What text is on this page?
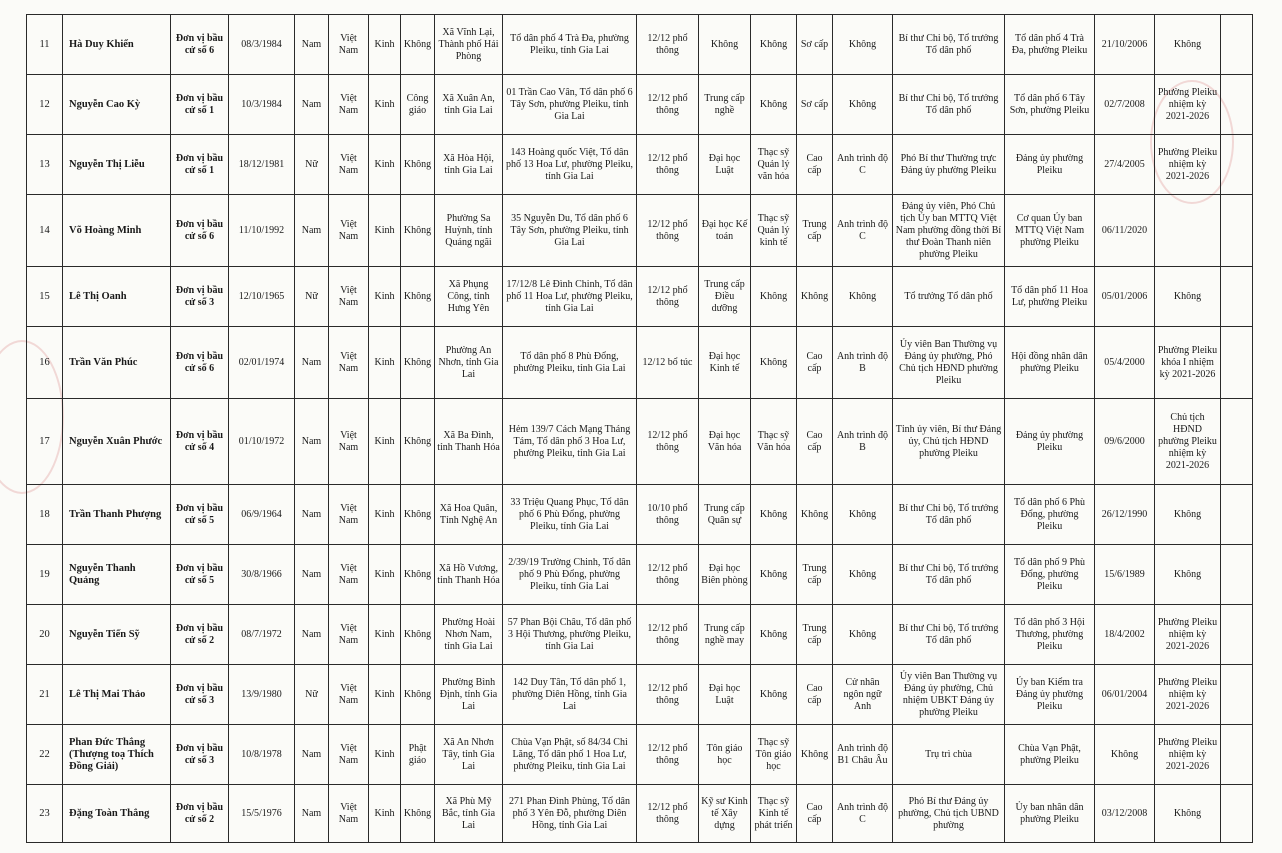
11	Hà Duy Khiển	Đơn vị bầu cử số 6	08/3/1984	Nam	Việt Nam	Kinh	Không	Xã Vĩnh Lại, Thành phố Hải Phòng	Tổ dân phố 4 Trà Đa, phường Pleiku, tỉnh Gia Lai	12/12 phổ thông	Không	Không	Sơ cấp	Không	Bí thư Chi bộ, Tổ trưởng Tổ dân phố	Tổ dân phố 4 Trà Đa, phường Pleiku	21/10/2006	Không	
12	Nguyễn Cao Kỳ	Đơn vị bầu cử số 1	10/3/1984	Nam	Việt Nam	Kinh	Công giáo	Xã Xuân An, tỉnh Gia Lai	01 Trần Cao Vân, Tổ dân phố 6 Tây Sơn, phường Pleiku, tỉnh Gia Lai	12/12 phổ thông	Trung cấp nghề	Không	Sơ cấp	Không	Bí thư Chi bộ, Tổ trưởng Tổ dân phố	Tổ dân phố 6 Tây Sơn, phường Pleiku	02/7/2008	Phường Pleiku nhiệm kỳ 2021-2026	
13	Nguyễn Thị Liễu	Đơn vị bầu cử số 1	18/12/1981	Nữ	Việt Nam	Kinh	Không	Xã Hòa Hội, tỉnh Gia Lai	143 Hoàng quốc Việt, Tổ dân phố 13 Hoa Lư, phường Pleiku, tỉnh Gia Lai	12/12 phổ thông	Đại học Luật	Thạc sỹ Quản lý văn hóa	Cao cấp	Anh trình độ C	Phó Bí thư Thường trực Đảng ủy phường Pleiku	Đảng ủy phường Pleiku	27/4/2005	Phường Pleiku nhiệm kỳ 2021-2026	
14	Võ Hoàng Minh	Đơn vị bầu cử số 6	11/10/1992	Nam	Việt Nam	Kinh	Không	Phường Sa Huỳnh, tỉnh Quảng ngãi	35 Nguyễn Du, Tổ dân phố 6 Tây Sơn, phường Pleiku, tỉnh Gia Lai	12/12 phổ thông	Đại học Kế toán	Thạc sỹ Quản lý kinh tế	Trung cấp	Anh trình độ C	Đảng ủy viên, Phó Chủ tịch Ủy ban MTTQ Việt Nam phường đồng thời Bí thư Đoàn Thanh niên phường Pleiku	Cơ quan Ủy ban MTTQ Việt Nam phường Pleiku	06/11/2020		
15	Lê Thị Oanh	Đơn vị bầu cử số 3	12/10/1965	Nữ	Việt Nam	Kinh	Không	Xã Phụng Công, tỉnh Hưng Yên	17/12/8 Lê Đình Chinh, Tổ dân phố 11 Hoa Lư, phường Pleiku, tỉnh Gia Lai	12/12 phổ thông	Trung cấp Điều dưỡng	Không	Không	Không	Tổ trưởng Tổ dân phố	Tổ dân phố 11 Hoa Lư, phường Pleiku	05/01/2006	Không	
16	Trần Văn Phúc	Đơn vị bầu cử số 6	02/01/1974	Nam	Việt Nam	Kinh	Không	Phường An Nhơn, tỉnh Gia Lai	Tổ dân phố 8 Phù Đổng, phường Pleiku, tỉnh Gia Lai	12/12 bổ túc	Đại học Kinh tế	Không	Cao cấp	Anh trình độ B	Ủy viên Ban Thường vụ Đảng ủy phường, Phó Chủ tịch HĐND phường Pleiku	Hội đồng nhân dân phường Pleiku	05/4/2000	Phường Pleiku khóa I nhiệm kỳ 2021-2026	
17	Nguyễn Xuân Phước	Đơn vị bầu cử số 4	01/10/1972	Nam	Việt Nam	Kinh	Không	Xã Ba Đình, tỉnh Thanh Hóa	Hẻm 139/7 Cách Mạng Tháng Tám, Tổ dân phố 3 Hoa Lư, phường Pleiku, tỉnh Gia Lai	12/12 phổ thông	Đại học Văn hóa	Thạc sỹ Văn hóa	Cao cấp	Anh trình độ B	Tỉnh ủy viên, Bí thư Đảng ủy, Chủ tịch HĐND phường Pleiku	Đảng ủy phường Pleiku	09/6/2000	Chủ tịch HĐND phường Pleiku nhiệm kỳ 2021-2026	
18	Trần Thanh Phượng	Đơn vị bầu cử số 5	06/9/1964	Nam	Việt Nam	Kinh	Không	Xã Hoa Quân, Tỉnh Nghệ An	33 Triệu Quang Phục, Tổ dân phố 6 Phù Đổng, phường Pleiku, tỉnh Gia Lai	10/10 phổ thông	Trung cấp Quân sự	Không	Không	Không	Bí thư Chi bộ, Tổ trưởng Tổ dân phố	Tổ dân phố 6 Phù Đổng, phường Pleiku	26/12/1990	Không	
19	Nguyễn Thanh Quảng	Đơn vị bầu cử số 5	30/8/1966	Nam	Việt Nam	Kinh	Không	Xã Hồ Vương, tỉnh Thanh Hóa	2/39/19 Trường Chinh, Tổ dân phố 9 Phù Đổng, phường Pleiku, tỉnh Gia Lai	12/12 phổ thông	Đại học Biên phòng	Không	Trung cấp	Không	Bí thư Chi bộ, Tổ trưởng Tổ dân phố	Tổ dân phố 9 Phù Đổng, phường Pleiku	15/6/1989	Không	
20	Nguyễn Tiến Sỹ	Đơn vị bầu cử số 2	08/7/1972	Nam	Việt Nam	Kinh	Không	Phường Hoài Nhơn Nam, tỉnh Gia Lai	57 Phan Bội Châu, Tổ dân phố 3 Hội Thương, phường Pleiku, tỉnh Gia Lai	12/12 phổ thông	Trung cấp nghề may	Không	Trung cấp	Không	Bí thư Chi bộ, Tổ trưởng Tổ dân phố	Tổ dân phố 3 Hội Thương, phường Pleiku	18/4/2002	Phường Pleiku nhiệm kỳ 2021-2026	
21	Lê Thị Mai Thảo	Đơn vị bầu cử số 3	13/9/1980	Nữ	Việt Nam	Kinh	Không	Phường Bình Định, tỉnh Gia Lai	142 Duy Tân, Tổ dân phố 1, phường Diên Hồng, tỉnh Gia Lai	12/12 phổ thông	Đại học Luật	Không	Cao cấp	Cử nhân ngôn ngữ Anh	Ủy viên Ban Thường vụ Đảng ủy phường, Chủ nhiệm UBKT Đảng ủy phường Pleiku	Ủy ban Kiểm tra Đảng ủy phường Pleiku	06/01/2004	Phường Pleiku nhiệm kỳ 2021-2026	
22	Phan Đức Thắng (Thượng toạ Thích Đồng Giải)	Đơn vị bầu cử số 3	10/8/1978	Nam	Việt Nam	Kinh	Phật giáo	Xã An Nhơn Tây, tỉnh Gia Lai	Chùa Vạn Phật, số 84/34 Chi Lăng, Tổ dân phố 1 Hoa Lư, phường Pleiku, tỉnh Gia Lai	12/12 phổ thông	Tôn giáo học	Thạc sỹ Tôn giáo học	Không	Anh trình độ B1 Châu Âu	Trụ trì chùa	Chùa Vạn Phật, phường Pleiku	Không	Phường Pleiku nhiệm kỳ 2021-2026	
23	Đặng Toàn Thắng	Đơn vị bầu cử số 2	15/5/1976	Nam	Việt Nam	Kinh	Không	Xã Phù Mỹ Bắc, tỉnh Gia Lai	271 Phan Đình Phùng, Tổ dân phố 3 Yên Đỗ, phường Diên Hồng, tỉnh Gia Lai	12/12 phổ thông	Kỹ sư Kinh tế Xây dựng	Thạc sỹ Kinh tế phát triển	Cao cấp	Anh trình độ C	Phó Bí thư Đảng ủy phường, Chủ tịch UBND phường	Ủy ban nhân dân phường Pleiku	03/12/2008	Không	
